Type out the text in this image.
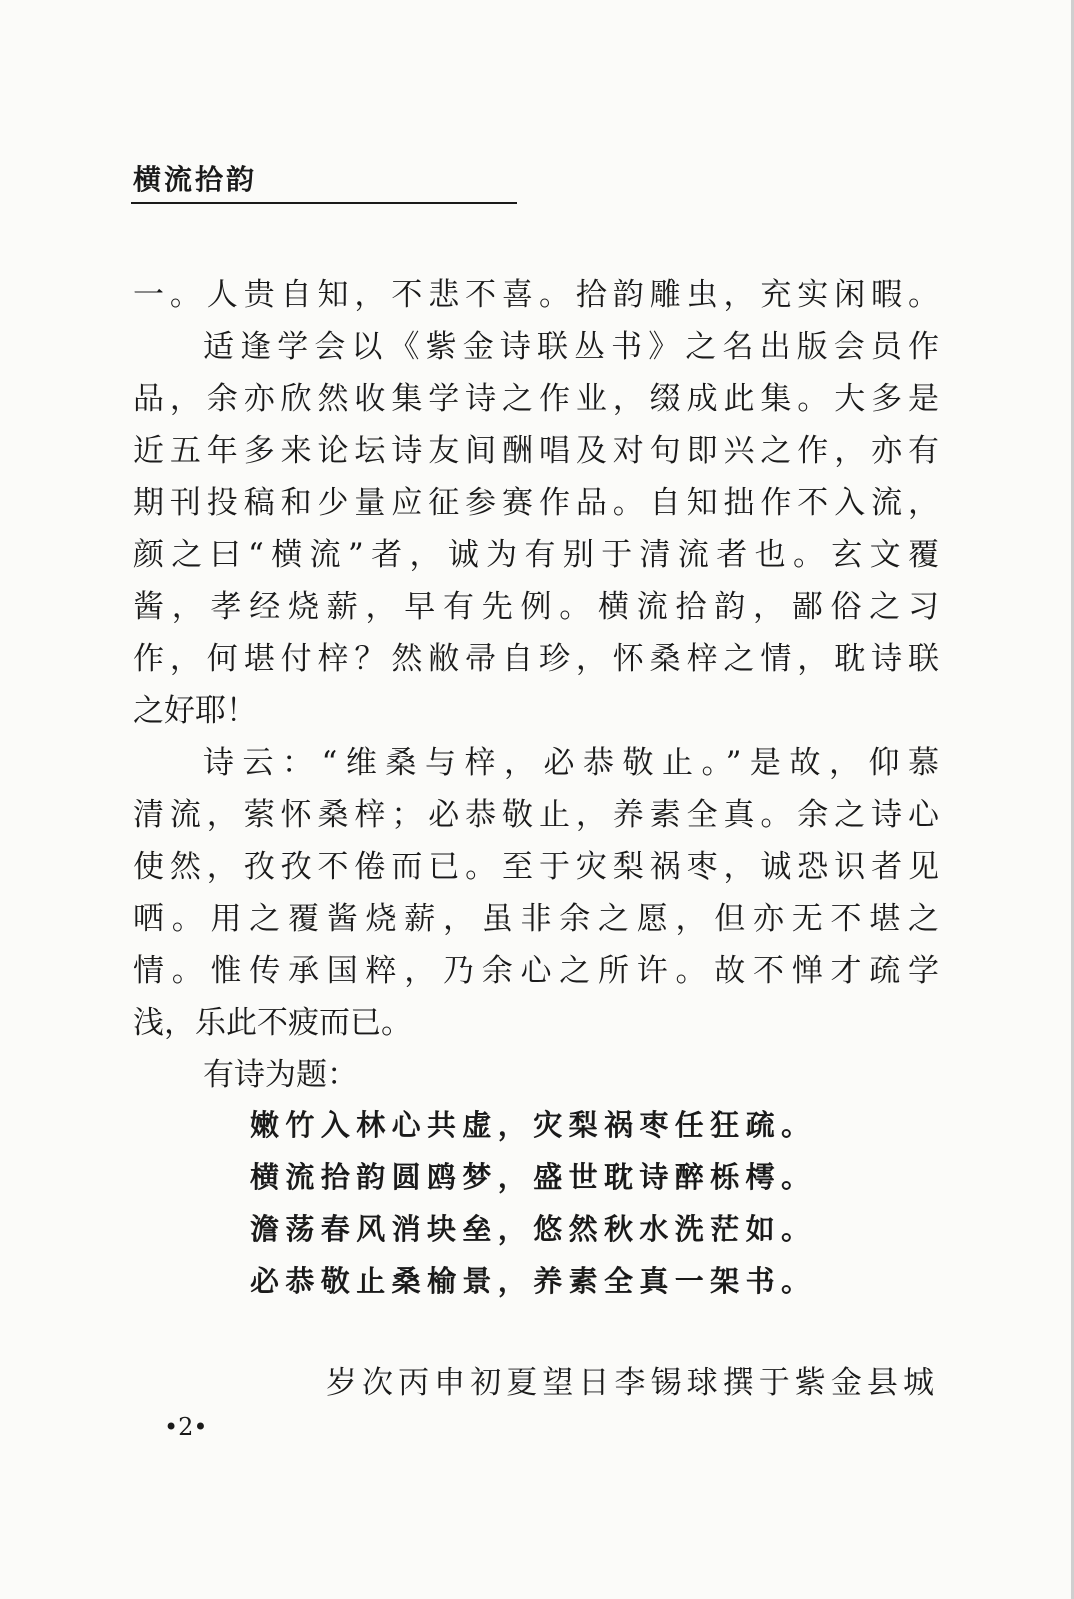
横流拾韵
一。人贵自知，不悲不喜。拾韵雕虫，充实闲暇。
适逢学会以《紫金诗联丛书》之名出版会员作
品，余亦欣然收集学诗之作业，缀成此集。大多是
近五年多来论坛诗友间酬唱及对句即兴之作，亦有
期刊投稿和少量应征参赛作品。自知拙作不入流，
颜之曰“横流”者，诚为有别于清流者也。玄文覆
酱，孝经烧薪，早有先例。横流拾韵，鄙俗之习
作，何堪付梓？然敝帚自珍，怀桑梓之情，耽诗联
之好耶！
诗云：“维桑与梓，必恭敬止。”是故，仰慕
清流，萦怀桑梓；必恭敬止，养素全真。余之诗心
使然，孜孜不倦而已。至于灾梨祸枣，诚恐识者见
哂。用之覆酱烧薪，虽非余之愿，但亦无不堪之
情。惟传承国粹，乃余心之所许。故不惮才疏学
浅，乐此不疲而已。
有诗为题：
嫩竹入林心共虚，灾梨祸枣任狂疏。
横流拾韵圆鸥梦，盛世耽诗醉栎樗。
澹荡春风消块垒，悠然秋水洗茫如。
必恭敬止桑榆景，养素全真一架书。
岁次丙申初夏望日李锡球撰于紫金县城
•2•
